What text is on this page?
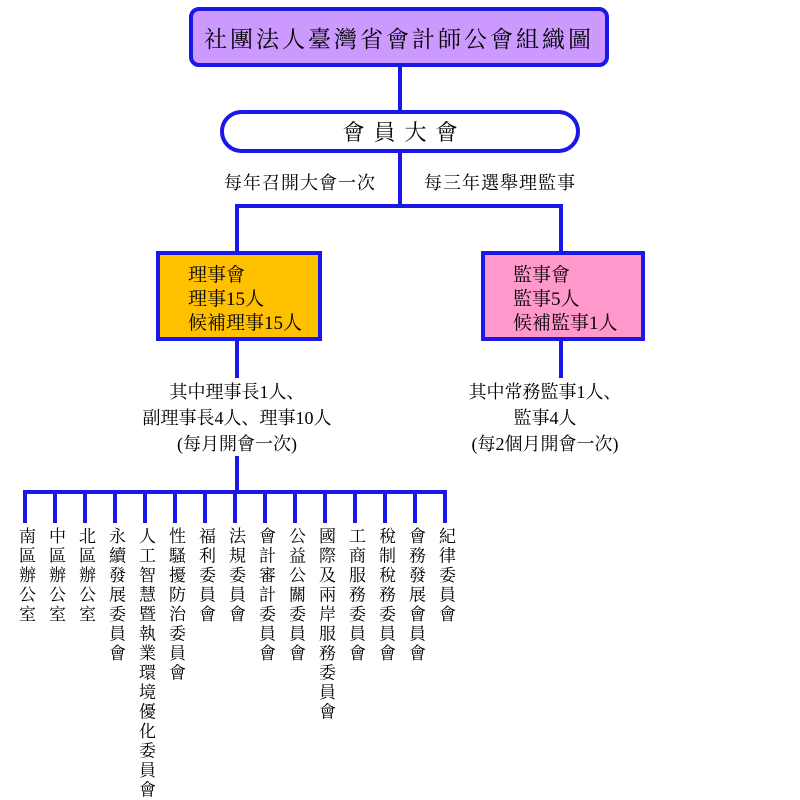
社團法人臺灣省會計師公會組織圖
會員大會
每年召開大會一次	每三年選舉理監事
理事會
理事15人
候補理事15人
監事會
監事5人
候補監事1人
其中理事長1人、
副理事長4人、理事10人
(每月開會一次)
其中常務監事1人、
監事4人
(每2個月開會一次)
南區辦公室 中區辦公室 北區辦公室 永續發展委員會 人工智慧暨執業環境優化委員會 性騷擾防治委員會 福利委員會 法規委員會 會計審計委員會 公益公關委員會 國際及兩岸服務委員會 工商服務委員會 稅制稅務委員會 會務發展會員會 紀律委員會
